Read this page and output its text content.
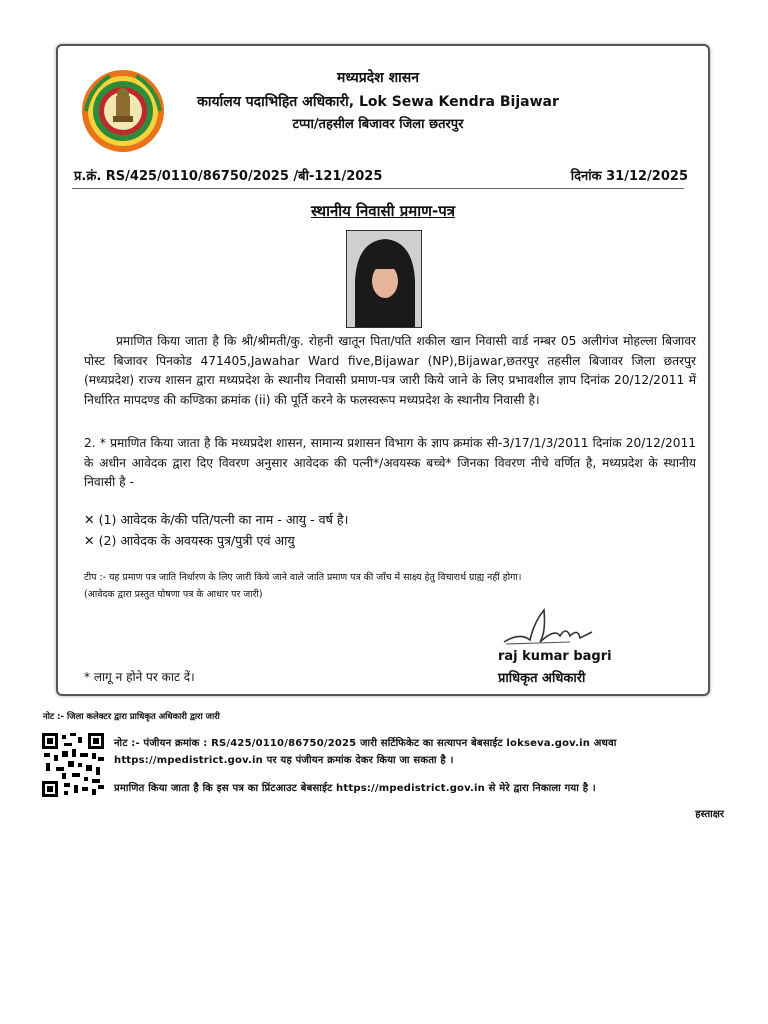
मध्यप्रदेश शासन
कार्यालय पदाभिहित अधिकारी, Lok Sewa Kendra Bijawar
टप्पा/तहसील बिजावर जिला छतरपुर
प्र.क्रं. RS/425/0110/86750/2025 /बी-121/2025	दिनांक 31/12/2025
स्थानीय निवासी प्रमाण-पत्र
प्रमाणित किया जाता है कि श्री/श्रीमती/कु. रोहनी खातून पिता/पति शकील खान निवासी वार्ड नम्बर 05 अलीगंज मोहल्ला बिजावर पोस्ट बिजावर पिनकोड 471405,Jawahar Ward five,Bijawar (NP),Bijawar,छतरपुर तहसील बिजावर जिला छतरपुर (मध्यप्रदेश) राज्य शासन द्वारा मध्यप्रदेश के स्थानीय निवासी प्रमाण-पत्र जारी किये जाने के लिए प्रभावशील ज्ञाप दिनांक 20/12/2011 में निर्धारित मापदण्ड की कण्डिका क्रमांक (ii) की पूर्ति करने के फलस्वरूप मध्यप्रदेश के स्थानीय निवासी है।
2. * प्रमाणित किया जाता है कि मध्यप्रदेश शासन, सामान्य प्रशासन विभाग के ज्ञाप क्रमांक सी-3/17/1/3/2011 दिनांक 20/12/2011 के अधीन आवेदक द्वारा दिए विवरण अनुसार आवेदक की पत्नी*/अवयस्क बच्चे* जिनका विवरण नीचे वर्णित है, मध्यप्रदेश के स्थानीय निवासी है -
✕ (1) आवेदक के/की पति/पत्नी का नाम - आयु - वर्ष है।
✕ (2) आवेदक के अवयस्क पुत्र/पुत्री एवं आयु
टीप :- यह प्रमाण पत्र जाति निर्धारण के लिए जारी किये जाने वाले जाति प्रमाण पत्र की जाँच में साक्ष्य हेतु विचारार्थ ग्राह्य नहीं होगा।
(आवेदक द्वारा प्रस्तुत घोषणा पत्र के आधार पर जारी)
raj kumar bagri
प्राधिकृत अधिकारी
* लागू न होने पर काट दें।
नोट :- जिला कलेक्टर द्वारा प्राधिकृत अधिकारी द्वारा जारी
नोट :- पंजीयन क्रमांक : RS/425/0110/86750/2025 जारी सर्टिफिकेट का सत्यापन बेबसाईट lokseva.gov.in अथवा
https://mpedistrict.gov.in पर यह पंजीयन क्रमांक देकर किया जा सकता है ।
प्रमाणित किया जाता है कि इस पत्र का प्रिंटआउट बेबसाईट https://mpedistrict.gov.in से मेरे द्वारा निकाला गया है ।
हस्ताक्षर
